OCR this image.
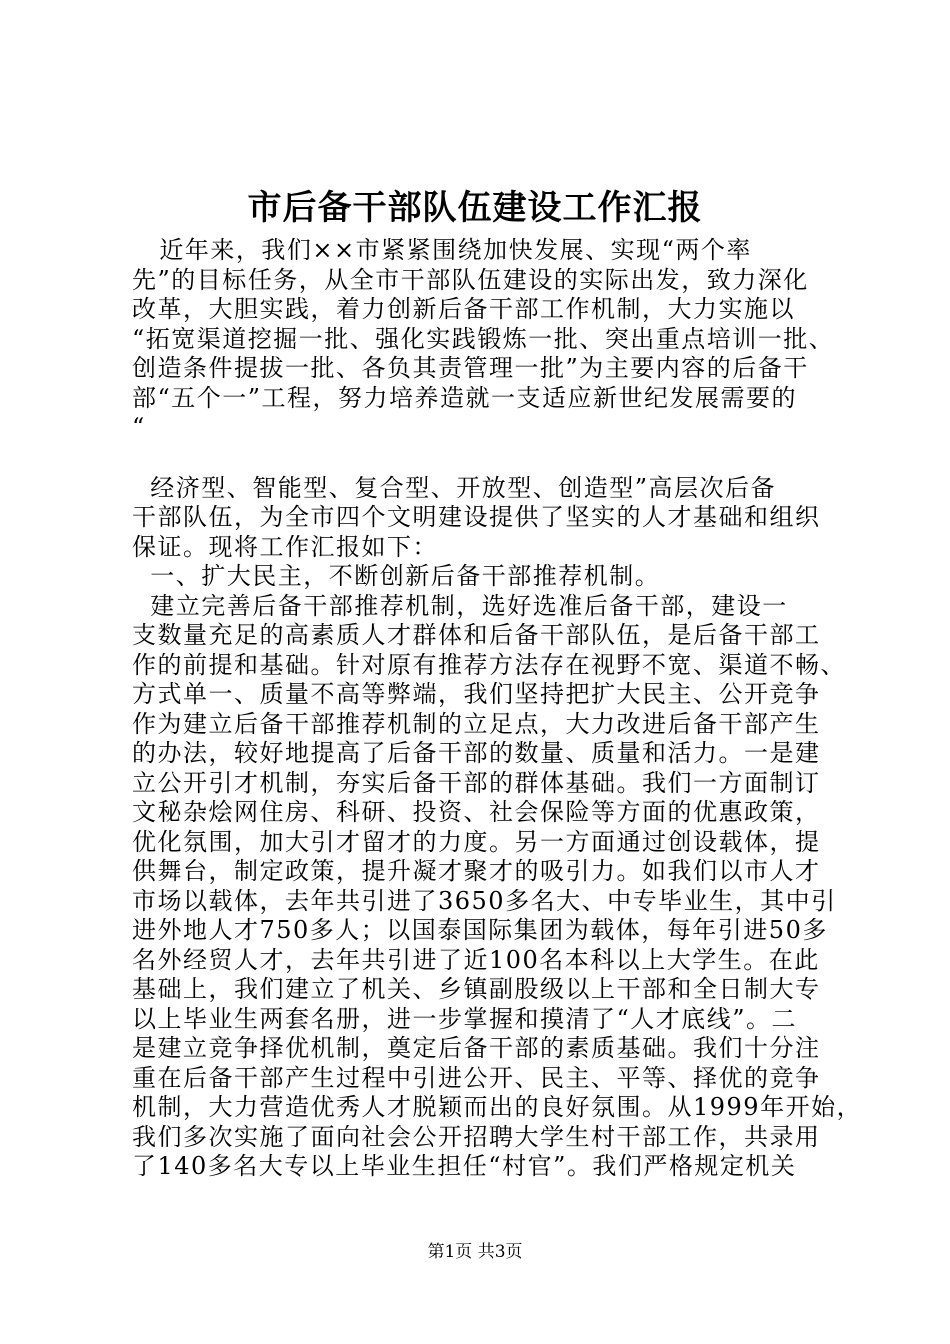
市后备干部队伍建设工作汇报
近年来，我们××市紧紧围绕加快发展、实现“两个率
先”的目标任务，从全市干部队伍建设的实际出发，致力深化
改革，大胆实践，着力创新后备干部工作机制，大力实施以
“拓宽渠道挖掘一批、强化实践锻炼一批、突出重点培训一批、
创造条件提拔一批、各负其责管理一批”为主要内容的后备干
部“五个一”工程，努力培养造就一支适应新世纪发展需要的
“
经济型、智能型、复合型、开放型、创造型”高层次后备
干部队伍，为全市四个文明建设提供了坚实的人才基础和组织
保证。现将工作汇报如下：
一、扩大民主，不断创新后备干部推荐机制。
建立完善后备干部推荐机制，选好选准后备干部，建设一
支数量充足的高素质人才群体和后备干部队伍，是后备干部工
作的前提和基础。针对原有推荐方法存在视野不宽、渠道不畅、
方式单一、质量不高等弊端，我们坚持把扩大民主、公开竞争
作为建立后备干部推荐机制的立足点，大力改进后备干部产生
的办法，较好地提高了后备干部的数量、质量和活力。一是建
立公开引才机制，夯实后备干部的群体基础。我们一方面制订
文秘杂烩网住房、科研、投资、社会保险等方面的优惠政策，
优化氛围，加大引才留才的力度。另一方面通过创设载体，提
供舞台，制定政策，提升凝才聚才的吸引力。如我们以市人才
市场以载体，去年共引进了3650多名大、中专毕业生，其中引
进外地人才750多人；以国泰国际集团为载体，每年引进50多
名外经贸人才，去年共引进了近100名本科以上大学生。在此
基础上，我们建立了机关、乡镇副股级以上干部和全日制大专
以上毕业生两套名册，进一步掌握和摸清了“人才底线”。二
是建立竞争择优机制，奠定后备干部的素质基础。我们十分注
重在后备干部产生过程中引进公开、民主、平等、择优的竞争
机制，大力营造优秀人才脱颖而出的良好氛围。从1999年开始，
我们多次实施了面向社会公开招聘大学生村干部工作，共录用
了140多名大专以上毕业生担任“村官”。我们严格规定机关
第1页 共3页
